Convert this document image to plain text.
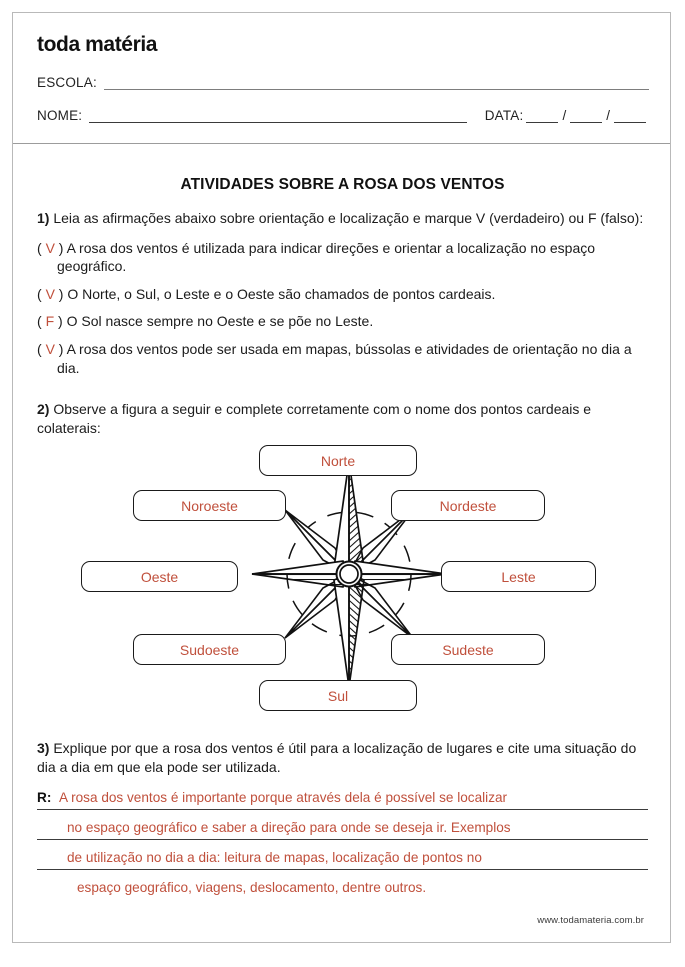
toda matéria
ESCOLA:
NOME:	DATA:	/	/
ATIVIDADES SOBRE A ROSA DOS VENTOS
1) Leia as afirmações abaixo sobre orientação e localização e marque V (verdadeiro) ou F (falso):
( V ) A rosa dos ventos é utilizada para indicar direções e orientar a localização no espaço geográfico.
( V ) O Norte, o Sul, o Leste e o Oeste são chamados de pontos cardeais.
( F ) O Sol nasce sempre no Oeste e se põe no Leste.
( V ) A rosa dos ventos pode ser usada em mapas, bússolas e atividades de orientação no dia a dia.
2) Observe a figura a seguir e complete corretamente com o nome dos pontos cardeais e colaterais:
Norte
Noroeste	Nordeste
Oeste	Leste
Sudoeste	Sudeste
Sul
3) Explique por que a rosa dos ventos é útil para a localização de lugares e cite uma situação do dia a dia em que ela pode ser utilizada.
R: A rosa dos ventos é importante porque através dela é possível se localizar
no espaço geográfico e saber a direção para onde se deseja ir. Exemplos
de utilização no dia a dia: leitura de mapas, localização de pontos no
espaço geográfico, viagens, deslocamento, dentre outros.
www.todamateria.com.br
